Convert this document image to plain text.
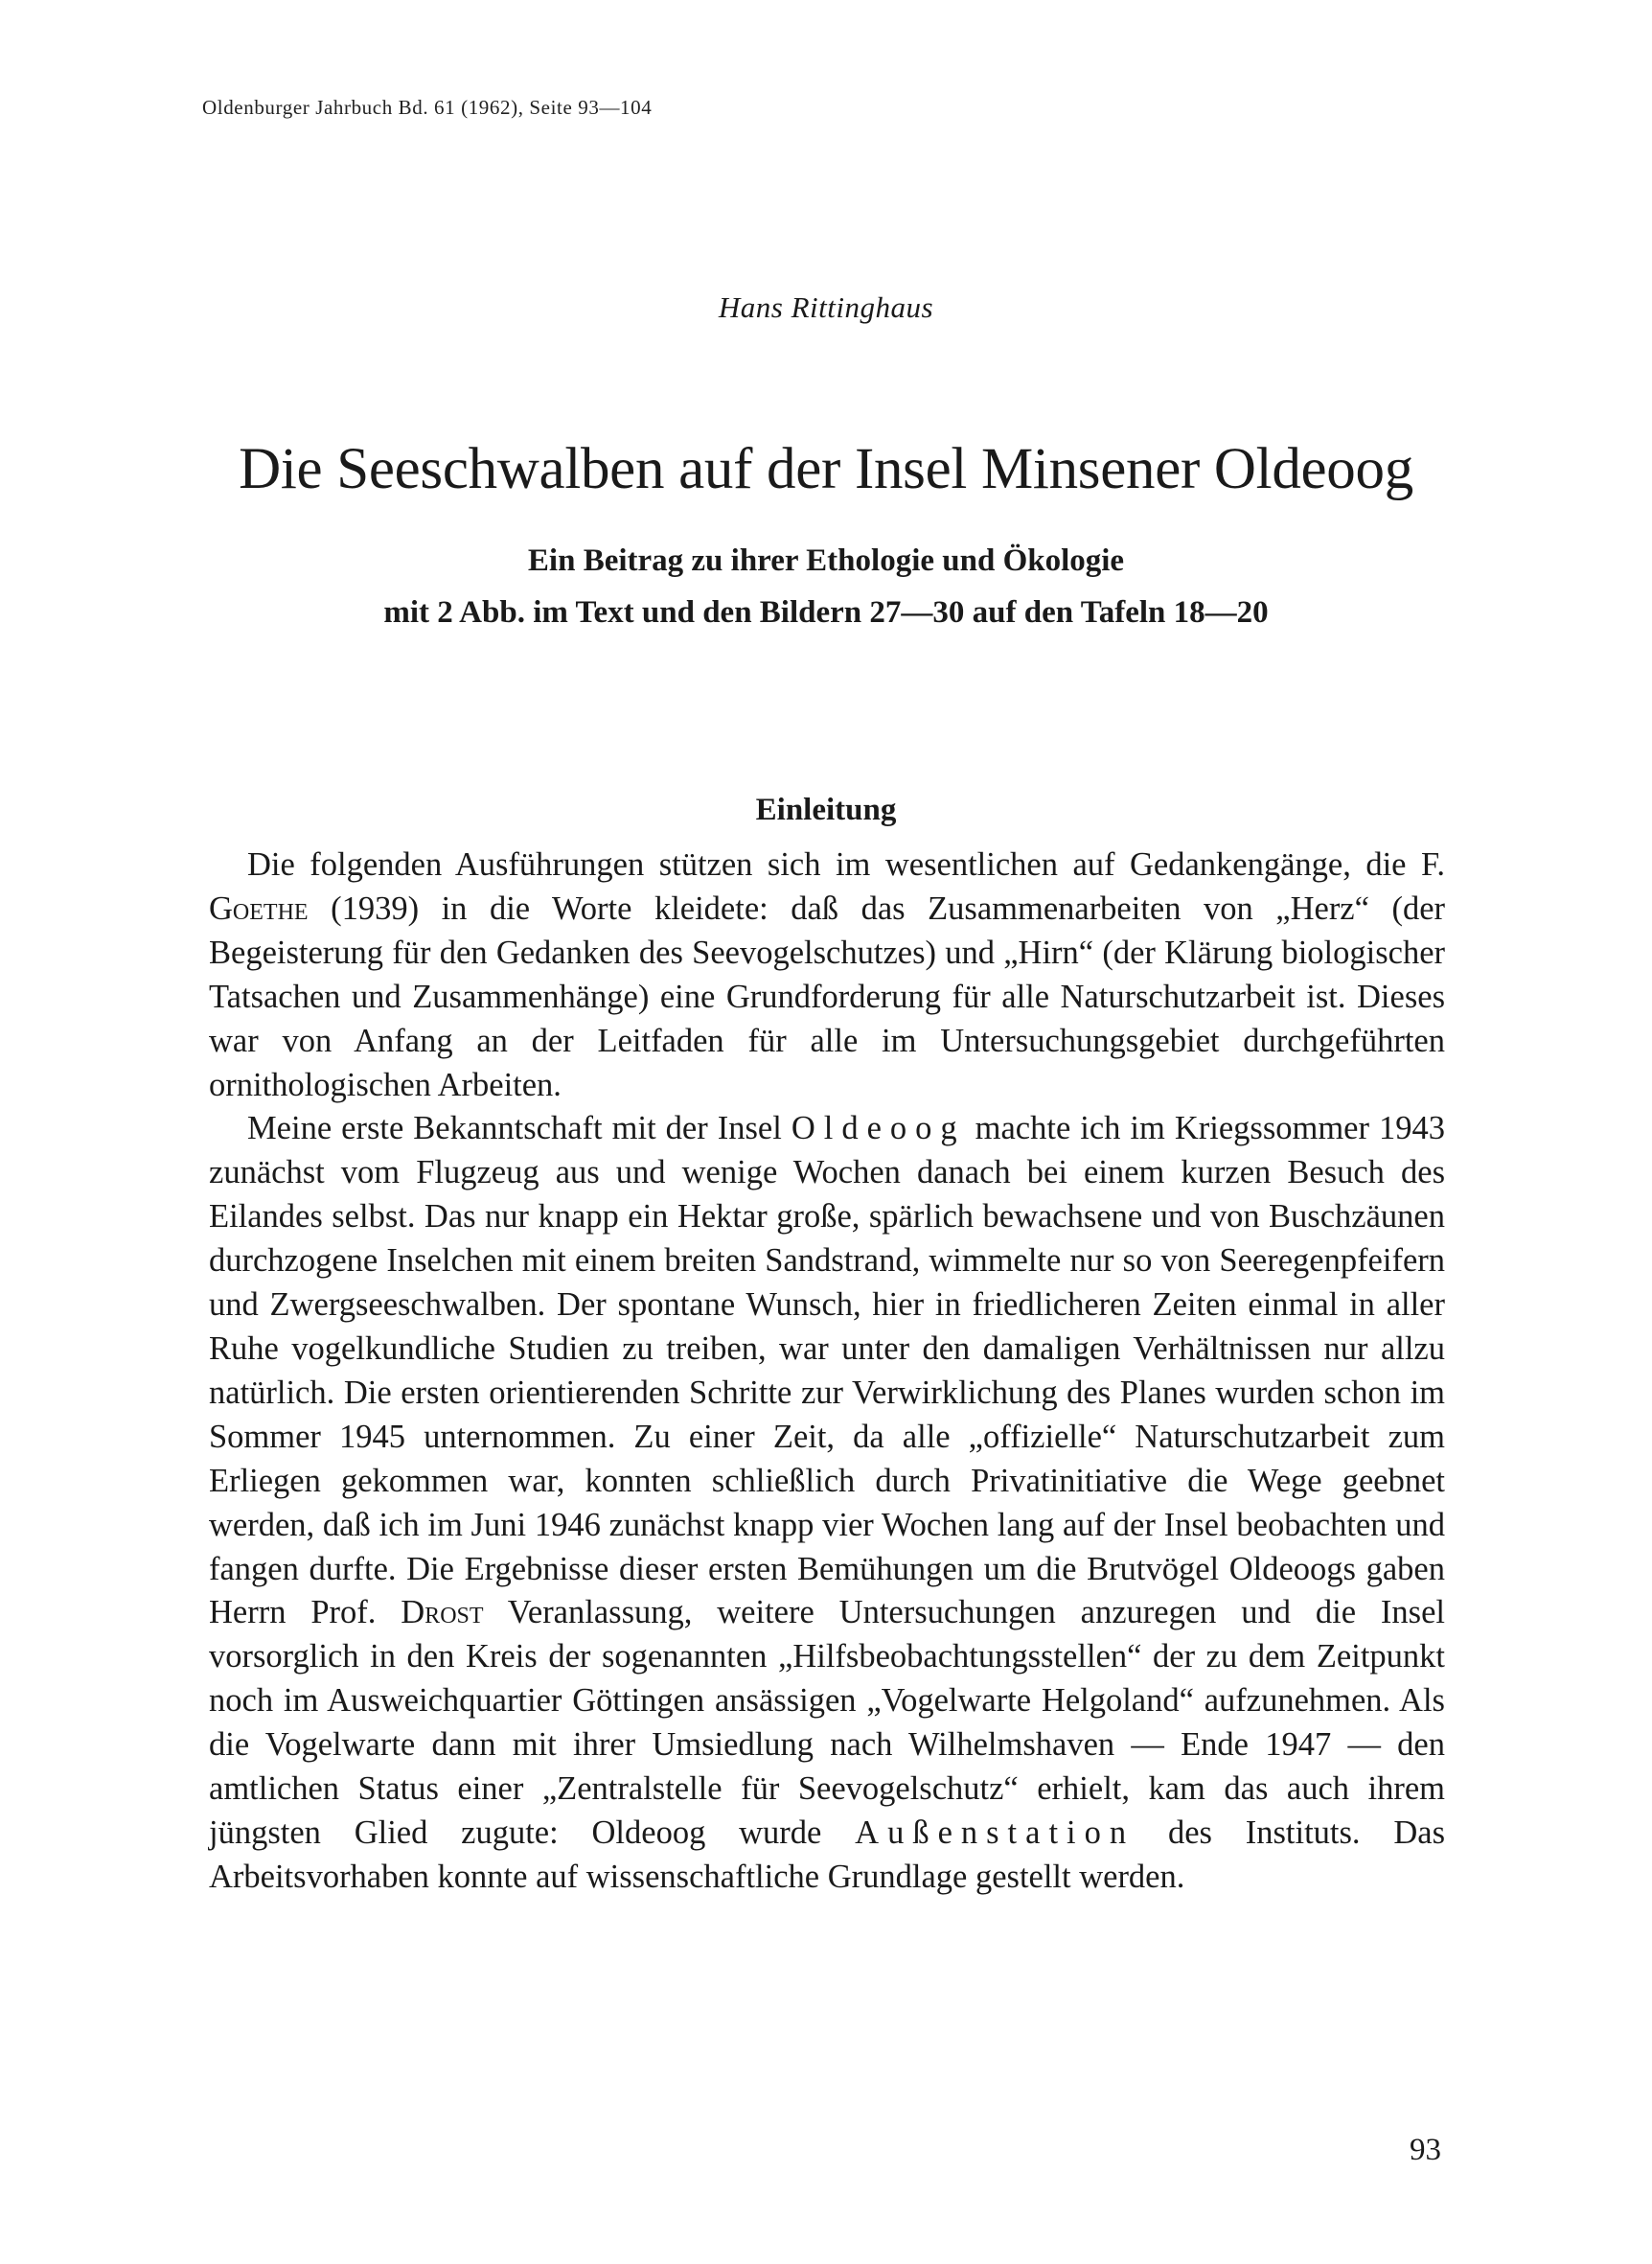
Oldenburger Jahrbuch Bd. 61 (1962), Seite 93—104
Hans Rittinghaus
Die Seeschwalben auf der Insel Minsener Oldeoog
Ein Beitrag zu ihrer Ethologie und Ökologie
mit 2 Abb. im Text und den Bildern 27—30 auf den Tafeln 18—20
Einleitung

Die folgenden Ausführungen stützen sich im wesentlichen auf Gedankengänge, die F. Goethe (1939) in die Worte kleidete: daß das Zusammenarbeiten von „Herz“ (der Begeisterung für den Gedanken des Seevogelschutzes) und „Hirn“ (der Klärung biologischer Tatsachen und Zusammenhänge) eine Grundforderung für alle Naturschutzarbeit ist. Dieses war von Anfang an der Leitfaden für alle im Untersuchungsgebiet durchgeführten ornithologischen Arbeiten.

Meine erste Bekanntschaft mit der Insel Oldeoog machte ich im Kriegssommer 1943 zunächst vom Flugzeug aus und wenige Wochen danach bei einem kurzen Besuch des Eilandes selbst. Das nur knapp ein Hektar große, spärlich bewachsene und von Buschzäunen durchzogene Inselchen mit einem breiten Sandstrand, wimmelte nur so von Seeregenpfeifern und Zwergseeschwalben. Der spontane Wunsch, hier in friedlicheren Zeiten einmal in aller Ruhe vogelkundliche Studien zu treiben, war unter den damaligen Verhältnissen nur allzu natürlich. Die ersten orientierenden Schritte zur Verwirklichung des Planes wurden schon im Sommer 1945 unternommen. Zu einer Zeit, da alle „offizielle“ Naturschutzarbeit zum Erliegen gekommen war, konnten schließlich durch Privatinitiative die Wege geebnet werden, daß ich im Juni 1946 zunächst knapp vier Wochen lang auf der Insel beobachten und fangen durfte. Die Ergebnisse dieser ersten Bemühungen um die Brutvögel Oldeoogs gaben Herrn Prof. Drost Veranlassung, weitere Untersuchungen anzuregen und die Insel vorsorglich in den Kreis der sogenannten „Hilfsbeobachtungsstellen“ der zu dem Zeitpunkt noch im Ausweichquartier Göttingen ansässigen „Vogelwarte Helgoland“ aufzunehmen. Als die Vogelwarte dann mit ihrer Umsiedlung nach Wilhelmshaven — Ende 1947 — den amtlichen Status einer „Zentralstelle für Seevogelschutz“ erhielt, kam das auch ihrem jüngsten Glied zugute: Oldeoog wurde Außenstation des Instituts. Das Arbeitsvorhaben konnte auf wissenschaftliche Grundlage gestellt werden.

93
